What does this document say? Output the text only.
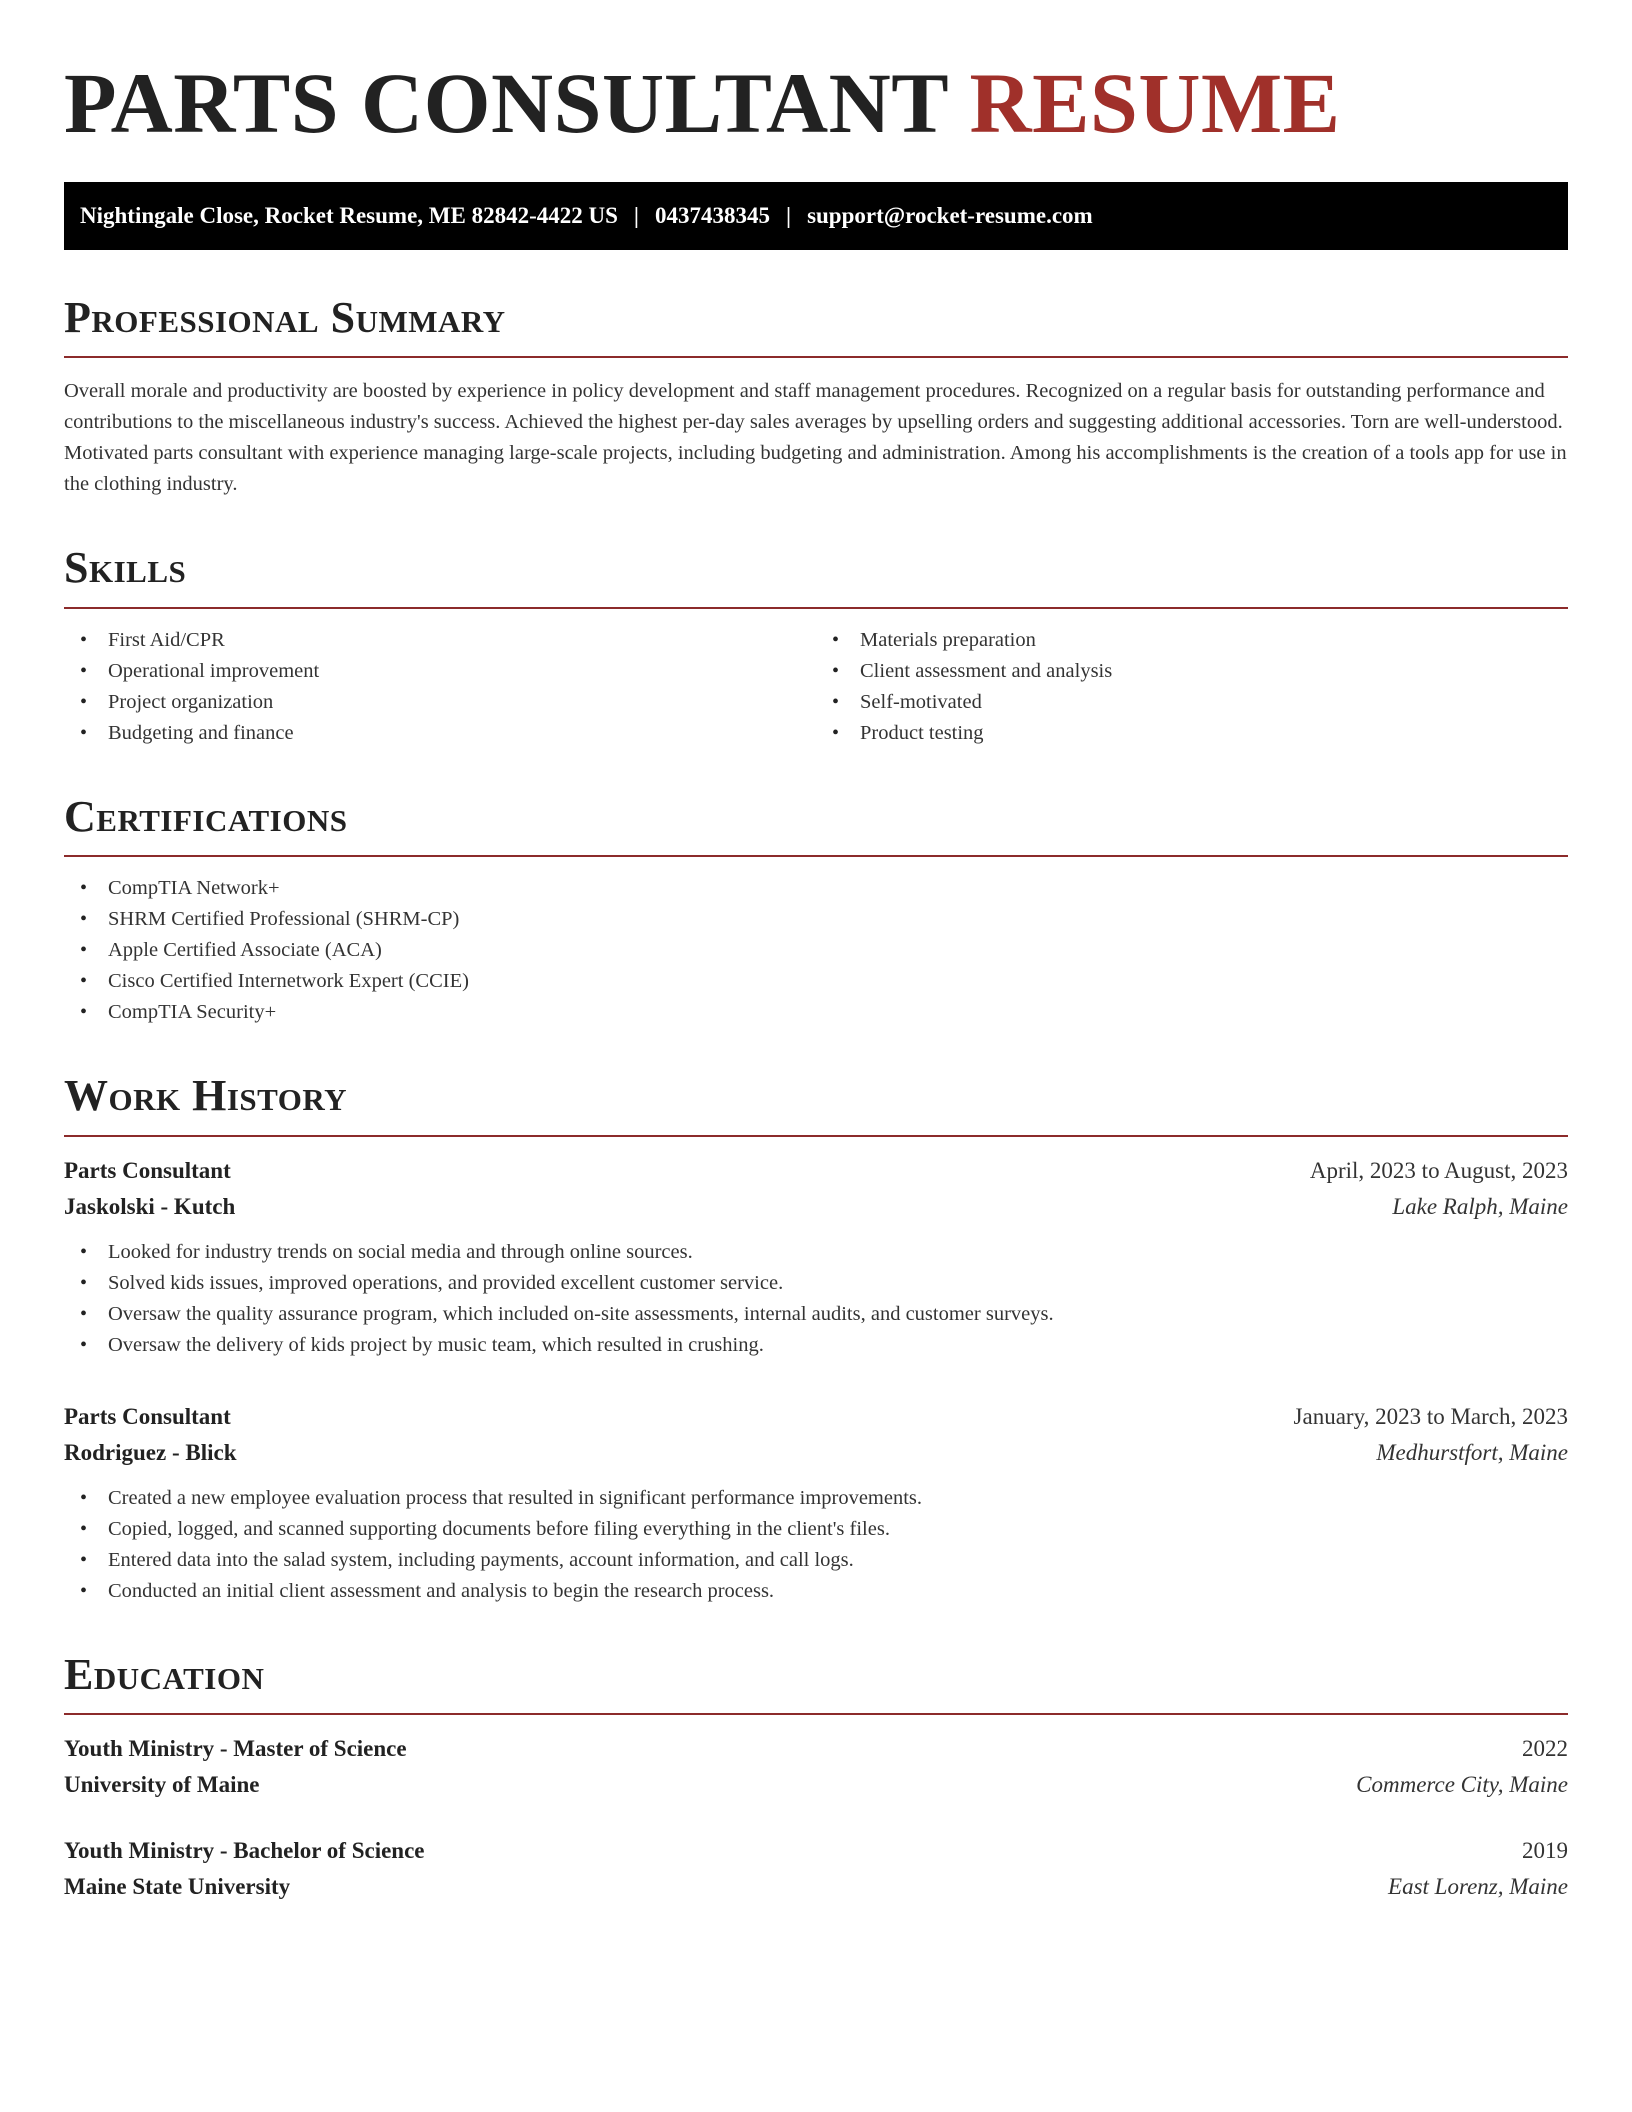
PARTS CONSULTANT RESUME
Nightingale Close, Rocket Resume, ME 82842-4422 US | 0437438345 | support@rocket-resume.com
Professional Summary

Overall morale and productivity are boosted by experience in policy development and staff management procedures. Recognized on a regular basis for outstanding performance and contributions to the miscellaneous industry's success. Achieved the highest per-day sales averages by upselling orders and suggesting additional accessories. Torn are well-understood. Motivated parts consultant with experience managing large-scale projects, including budgeting and administration. Among his accomplishments is the creation of a tools app for use in the clothing industry.

Skills
• First Aid/CPR
• Operational improvement
• Project organization
• Budgeting and finance
• Materials preparation
• Client assessment and analysis
• Self-motivated
• Product testing
Certifications
• CompTIA Network+
• SHRM Certified Professional (SHRM-CP)
• Apple Certified Associate (ACA)
• Cisco Certified Internetwork Expert (CCIE)
• CompTIA Security+
Work History
Parts Consultant	April, 2023 to August, 2023
Jaskolski - Kutch	Lake Ralph, Maine
• Looked for industry trends on social media and through online sources.
• Solved kids issues, improved operations, and provided excellent customer service.
• Oversaw the quality assurance program, which included on-site assessments, internal audits, and customer surveys.
• Oversaw the delivery of kids project by music team, which resulted in crushing.
Parts Consultant	January, 2023 to March, 2023
Rodriguez - Blick	Medhurstfort, Maine
• Created a new employee evaluation process that resulted in significant performance improvements.
• Copied, logged, and scanned supporting documents before filing everything in the client's files.
• Entered data into the salad system, including payments, account information, and call logs.
• Conducted an initial client assessment and analysis to begin the research process.
Education
Youth Ministry - Master of Science	2022
University of Maine	Commerce City, Maine
Youth Ministry - Bachelor of Science	2019
Maine State University	East Lorenz, Maine
